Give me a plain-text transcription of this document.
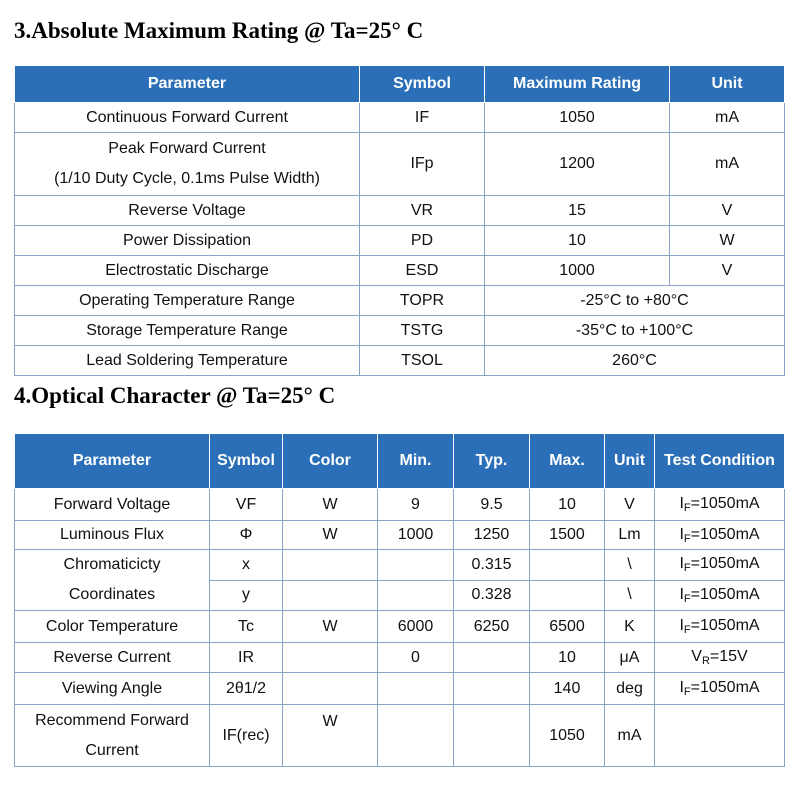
3.Absolute Maximum Rating @ Ta=25° C
Parameter	Symbol	Maximum Rating	Unit
Continuous Forward Current	IF	1050	mA

Peak Forward Current
(1/10 Duty Cycle, 0.1ms Pulse Width)	IFp	1200	mA
Reverse Voltage	VR	15	V
Power Dissipation	PD	10	W
Electrostatic Discharge	ESD	1000	V
Operating Temperature Range	TOPR	-25°C to +80°C	
Storage Temperature Range	TSTG	-35°C to +100°C	
Lead Soldering Temperature	TSOL	260°C	
4.Optical Character @ Ta=25° C
Parameter	Symbol	Color	Min.	Typ.	Max.	Unit	Test Condition
Forward Voltage	VF	W	9	9.5	10	V	$I_F=1050mA$
Luminous Flux	Φ	W	1000	1250	1500	Lm	$I_F=1050mA$

Chromaticicty
Coordinates	x			0.315		\	$I_F=1050mA$
	y			0.328		\	$I_F=1050mA$
Color Temperature	Tc	W	6000	6250	6500	K	$I_F=1050mA$
Reverse Current	IR		0		10	μA	$V_R=15V$
Viewing Angle	2θ1/2				140	deg	$I_F=1050mA$

Recommend Forward
Current	IF(rec)	W			1050	mA	
